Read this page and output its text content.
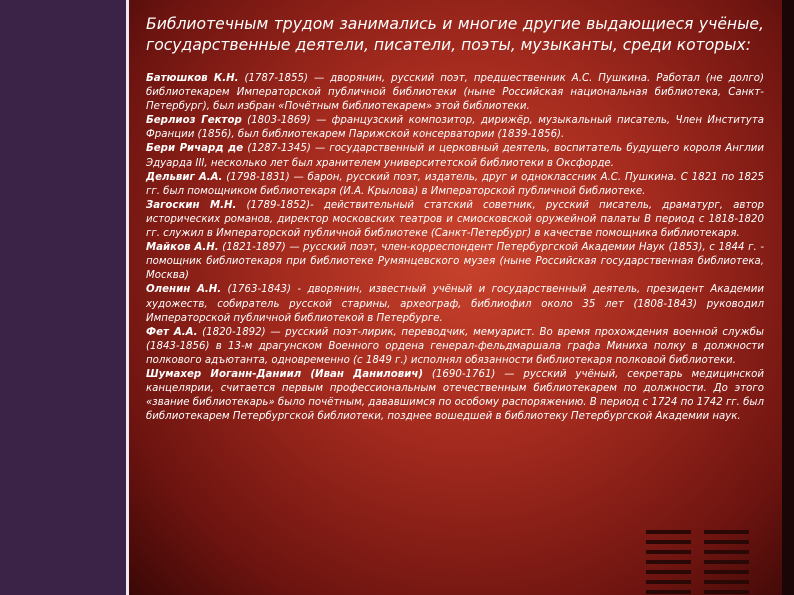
Библиотечным трудом занимались и многие другие выдающиеся учёные, государственные деятели, писатели, поэты, музыканты, среди которых:

Батюшков К.Н. (1787-1855) — дворянин, русский поэт, предшественник А.С. Пушкина. Работал (не долго) библиотекарем Императорской публичной библиотеки (ныне Российская национальная библиотека, Санкт-Петербург), был избран «Почётным библиотекарем» этой библиотеки.

Берлиоз Гектор (1803-1869) — французский композитор, дирижёр, музыкальный писатель, Член Института Франции (1856), был библиотекарем Парижской консерватории (1839-1856).

Бери Ричард де (1287-1345) — государственный и церковный деятель, воспитатель будущего короля Англии Эдуарда III, несколько лет был хранителем университетской библиотеки в Оксфорде.

Дельвиг А.А. (1798-1831) — барон, русский поэт, издатель, друг и одноклассник А.С. Пушкина. С 1821 по 1825 гг. был помощником библиотекаря (И.А. Крылова) в Императорской публичной библиотеке.

Загоскин М.Н. (1789-1852)- действительный статский советник, русский писатель, драматург, автор исторических романов, директор московских театров и смиосковской оружейной палаты В период с 1818-1820 гг. служил в Императорской публичной библиотеке (Санкт-Петербург) в качестве помощника библиотекаря.

Майков А.Н. (1821-1897) — русский поэт, член-корреспондент Петербургской Академии Наук (1853), с 1844 г. - помощник библиотекаря при библиотеке Румянцевского музея (ныне Российская государственная библиотека, Москва)

Оленин А.Н. (1763-1843) - дворянин, известный учёный и государственный деятель, президент Академии художеств, собиратель русской старины, археограф, библиофил около 35 лет (1808-1843) руководил Императорской публичной библиотекой в Петербурге.

Фет А.А. (1820-1892) — русский поэт-лирик, переводчик, мемуарист. Во время прохождения военной службы (1843-1856) в 13-м драгунском Военного ордена генерал-фельдмаршала графа Миниха полку в должности полкового адъютанта, одновременно (с 1849 г.) исполнял обязанности библиотекаря полковой библиотеки.

Шумахер Иоганн-Даниил (Иван Данилович) (1690-1761) — русский учёный, секретарь медицинской канцелярии, считается первым профессиональным отечественным библиотекарем по должности. До этого «звание библиотекарь» было почётным, дававшимся по особому распоряжению. В период с 1724 по 1742 гг. был библиотекарем Петербургской библиотеки, позднее вошедшей в библиотеку Петербургской Академии наук.
